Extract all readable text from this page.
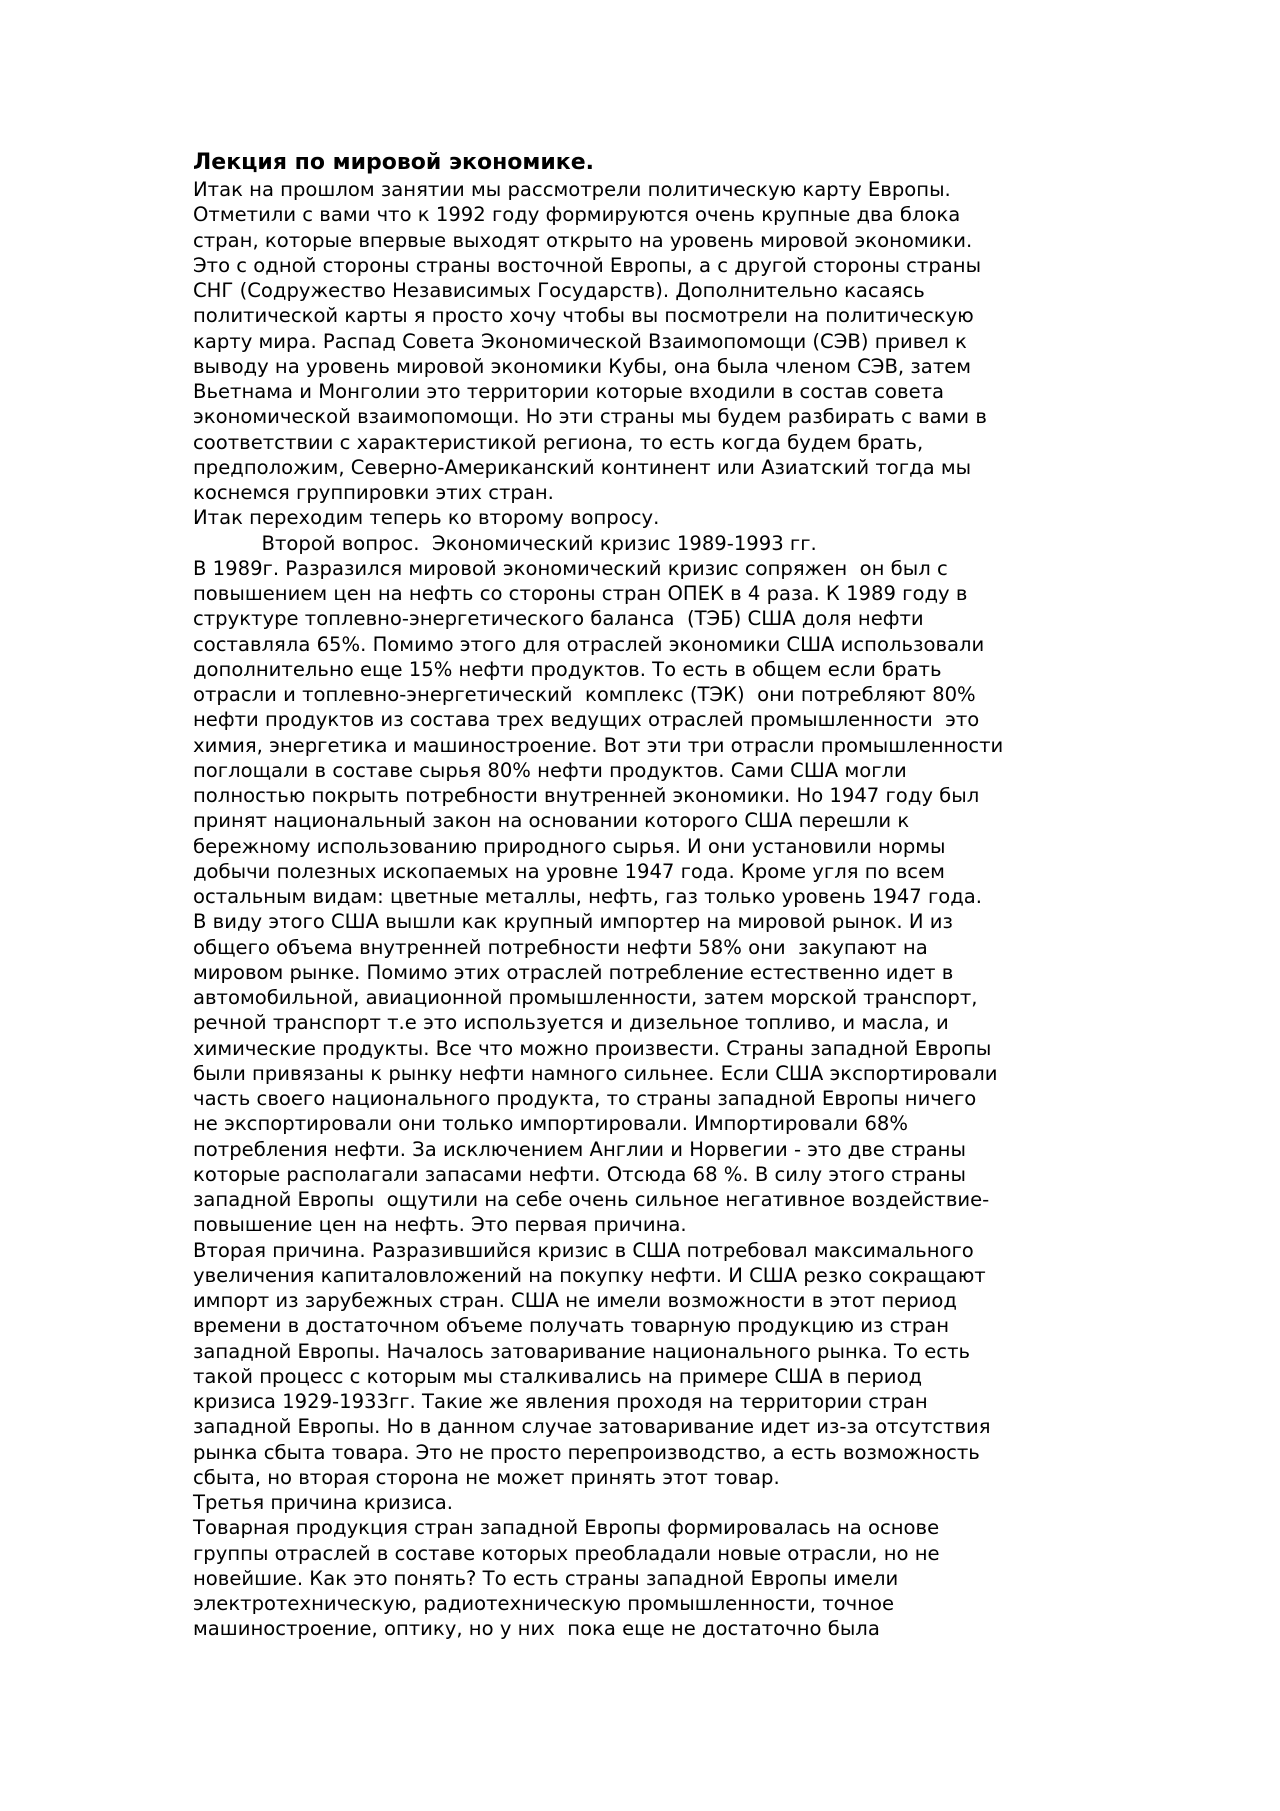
Лекция по мировой экономике.

Итак на прошлом занятии мы рассмотрели политическую карту Европы.

Отметили с вами что к 1992 году формируются очень крупные два блока

стран, которые впервые выходят открыто на уровень мировой экономики.

Это с одной стороны страны восточной Европы, а с другой стороны страны

СНГ (Содружество Независимых Государств). Дополнительно касаясь

политической карты я просто хочу чтобы вы посмотрели на политическую

карту мира. Распад Совета Экономической Взаимопомощи (СЭВ) привел к

выводу на уровень мировой экономики Кубы, она была членом СЭВ, затем

Вьетнама и Монголии это территории которые входили в состав совета

экономической взаимопомощи. Но эти страны мы будем разбирать с вами в

соответствии с характеристикой региона, то есть когда будем брать,

предположим, Северно-Американский континент или Азиатский тогда мы

коснемся группировки этих стран.

Итак переходим теперь ко второму вопросу.

Второй вопрос.  Экономический кризис 1989-1993 гг.

В 1989г. Разразился мировой экономический кризис сопряжен  он был с

повышением цен на нефть со стороны стран ОПЕК в 4 раза. К 1989 году в

структуре топлевно-энергетического баланса  (ТЭБ) США доля нефти

составляла 65%. Помимо этого для отраслей экономики США использовали

дополнительно еще 15% нефти продуктов. То есть в общем если брать

отрасли и топлевно-энергетический  комплекс (ТЭК)  они потребляют 80%

нефти продуктов из состава трех ведущих отраслей промышленности  это

химия, энергетика и машиностроение. Вот эти три отрасли промышленности

поглощали в составе сырья 80% нефти продуктов. Сами США могли

полностью покрыть потребности внутренней экономики. Но 1947 году был

принят национальный закон на основании которого США перешли к

бережному использованию природного сырья. И они установили нормы

добычи полезных ископаемых на уровне 1947 года. Кроме угля по всем

остальным видам: цветные металлы, нефть, газ только уровень 1947 года.

В виду этого США вышли как крупный импортер на мировой рынок. И из

общего объема внутренней потребности нефти 58% они  закупают на

мировом рынке. Помимо этих отраслей потребление естественно идет в

автомобильной, авиационной промышленности, затем морской транспорт,

речной транспорт т.е это используется и дизельное топливо, и масла, и

химические продукты. Все что можно произвести. Страны западной Европы

были привязаны к рынку нефти намного сильнее. Если США экспортировали

часть своего национального продукта, то страны западной Европы ничего

не экспортировали они только импортировали. Импортировали 68%

потребления нефти. За исключением Англии и Норвегии - это две страны

которые располагали запасами нефти. Отсюда 68 %. В силу этого страны

западной Европы  ощутили на себе очень сильное негативное воздействие-

повышение цен на нефть. Это первая причина.

Вторая причина. Разразившийся кризис в США потребовал максимального

увеличения капиталовложений на покупку нефти. И США резко сокращают

импорт из зарубежных стран. США не имели возможности в этот период

времени в достаточном объеме получать товарную продукцию из стран

западной Европы. Началось затоваривание национального рынка. То есть

такой процесс с которым мы сталкивались на примере США в период

кризиса 1929-1933гг. Такие же явления проходя на территории стран

западной Европы. Но в данном случае затоваривание идет из-за отсутствия

рынка сбыта товара. Это не просто перепроизводство, а есть возможность

сбыта, но вторая сторона не может принять этот товар.

Третья причина кризиса.

Товарная продукция стран западной Европы формировалась на основе

группы отраслей в составе которых преобладали новые отрасли, но не

новейшие. Как это понять? То есть страны западной Европы имели

электротехническую, радиотехническую промышленности, точное

машиностроение, оптику, но у них  пока еще не достаточно была
